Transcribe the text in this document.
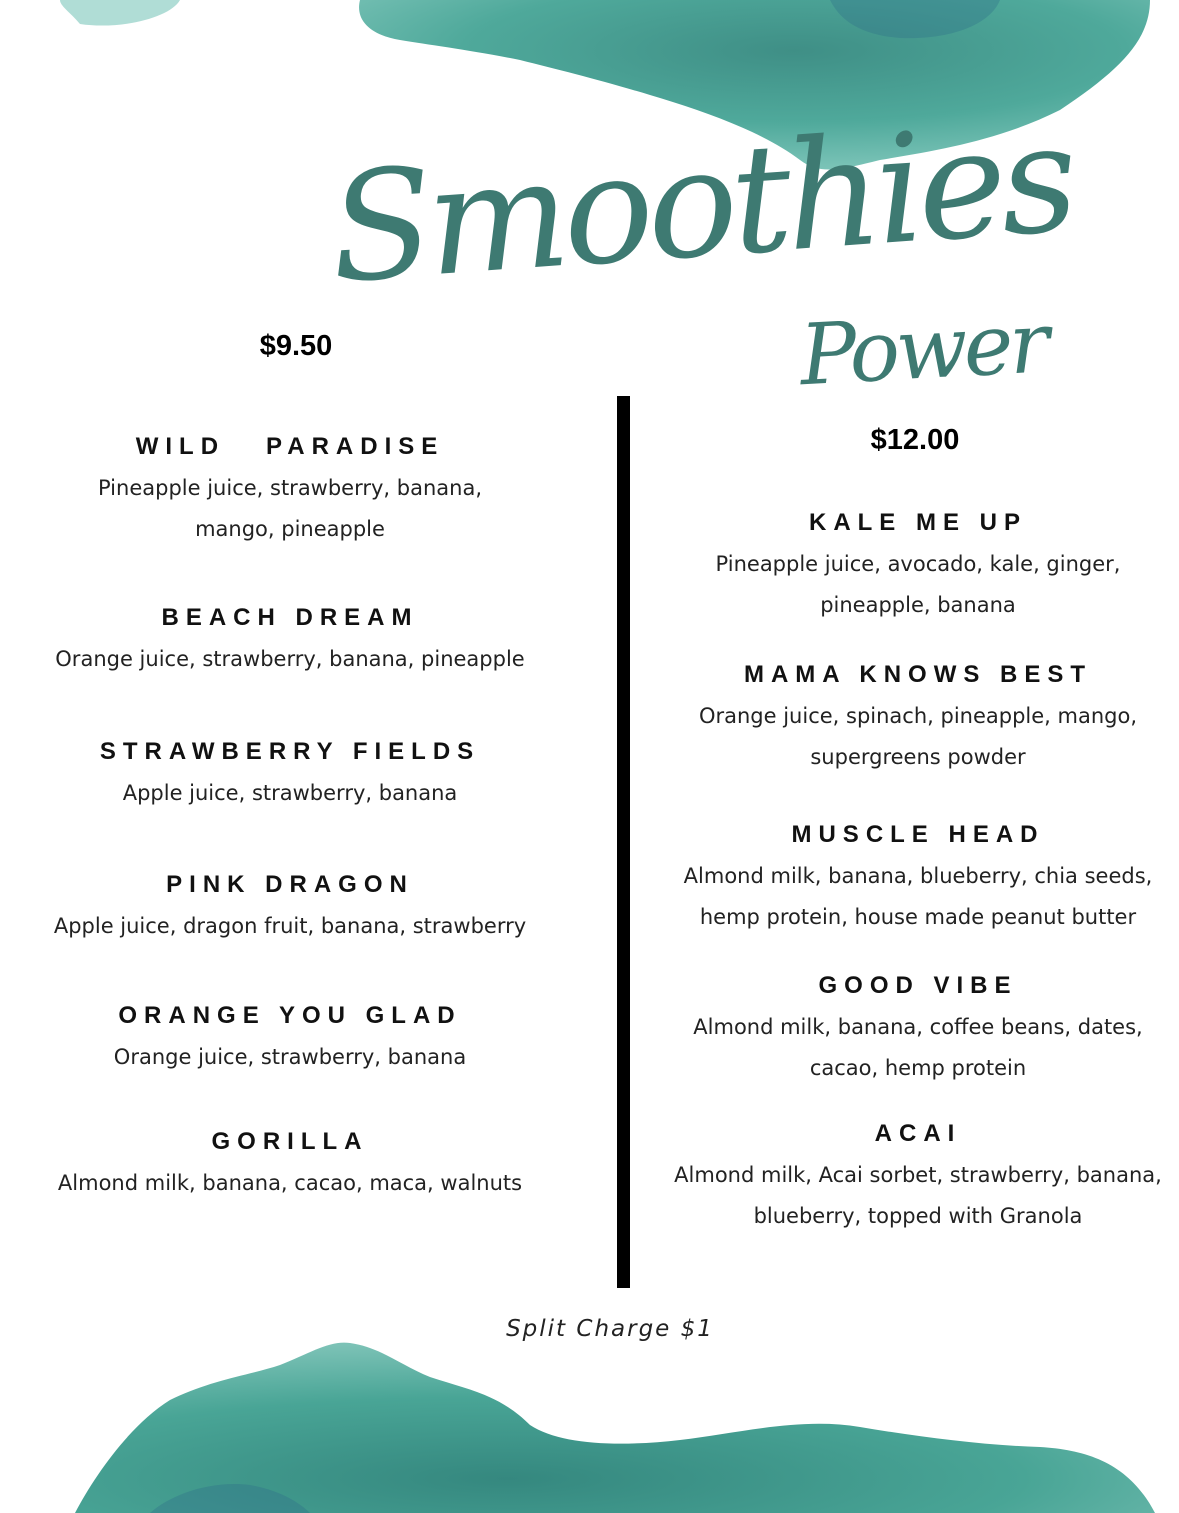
Smoothies
Power
$9.50
$12.00
WILD   PARADISE
Pineapple juice, strawberry, banana, mango, pineapple
BEACH DREAM
Orange juice, strawberry, banana, pineapple
STRAWBERRY FIELDS
Apple juice, strawberry, banana
PINK DRAGON
Apple juice, dragon fruit, banana, strawberry
ORANGE YOU GLAD
Orange juice, strawberry, banana
GORILLA
Almond milk, banana, cacao, maca, walnuts
KALE ME UP
Pineapple juice, avocado, kale, ginger, pineapple, banana
MAMA KNOWS BEST
Orange juice, spinach, pineapple, mango, supergreens powder
MUSCLE HEAD
Almond milk, banana, blueberry, chia seeds, hemp protein, house made peanut butter
GOOD VIBE
Almond milk, banana, coffee beans, dates, cacao, hemp protein
ACAI
Almond milk, Acai sorbet, strawberry, banana, blueberry, topped with Granola
Split Charge $1
